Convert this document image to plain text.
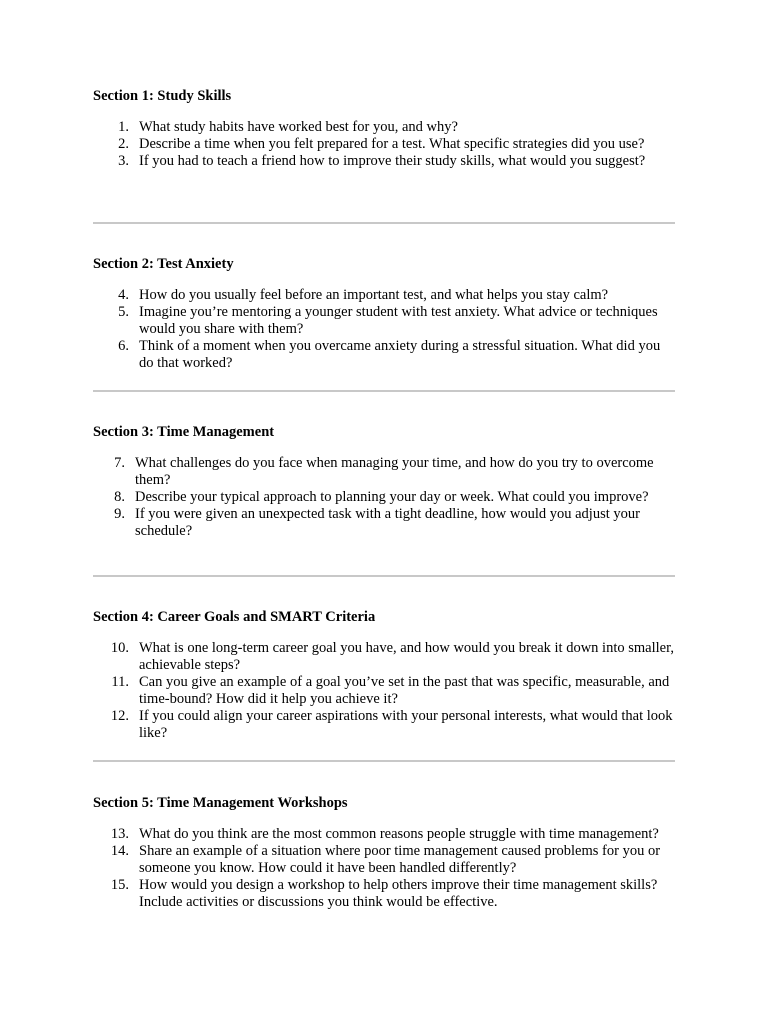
Section 1: Study Skills
1. What study habits have worked best for you, and why?
2. Describe a time when you felt prepared for a test. What specific strategies did you use?
3. If you had to teach a friend how to improve their study skills, what would you suggest?
Section 2: Test Anxiety
4. How do you usually feel before an important test, and what helps you stay calm?
5. Imagine you’re mentoring a younger student with test anxiety. What advice or techniques would you share with them?
6. Think of a moment when you overcame anxiety during a stressful situation. What did you do that worked?
Section 3: Time Management
7. What challenges do you face when managing your time, and how do you try to overcome them?
8. Describe your typical approach to planning your day or week. What could you improve?
9. If you were given an unexpected task with a tight deadline, how would you adjust your schedule?
Section 4: Career Goals and SMART Criteria
10. What is one long-term career goal you have, and how would you break it down into smaller, achievable steps?
11. Can you give an example of a goal you’ve set in the past that was specific, measurable, and time-bound? How did it help you achieve it?
12. If you could align your career aspirations with your personal interests, what would that look like?
Section 5: Time Management Workshops
13. What do you think are the most common reasons people struggle with time management?
14. Share an example of a situation where poor time management caused problems for you or someone you know. How could it have been handled differently?
15. How would you design a workshop to help others improve their time management skills? Include activities or discussions you think would be effective.
